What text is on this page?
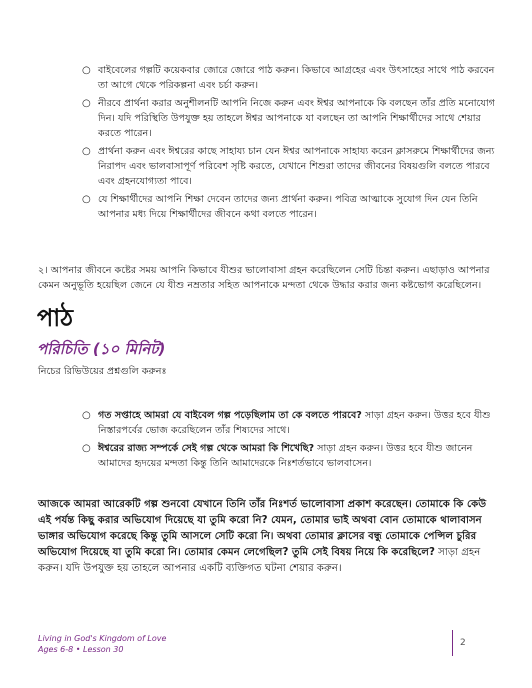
○ বাইবেলের গল্পটি কয়েকবার জোরে জোরে পাঠ করুন। কিভাবে আগ্রহের এবং উৎসাহের সাথে পাঠ করবেন তা আগে থেকে পরিকল্পনা এবং চর্চা করুন।
○ নীরবে প্রার্থনা করার অনুশীলনটি আপনি নিজে করুন এবং ঈশ্বর আপনাকে কি বলছেন তাঁর প্রতি মনোযোগ দিন। যদি পরিস্থিতি উপযুক্ত হয় তাহলে ঈশ্বর আপনাকে যা বলছেন তা আপনি শিক্ষার্থীদের সাথে শেয়ার করতে পারেন।
○ প্রার্থনা করুন এবং ঈশ্বরের কাছে সাহায্য চান যেন ঈশ্বর আপনাকে সাহায্য করেন ক্লাসরুমে শিক্ষার্থীদের জন্য নিরাপদ এবং ভালবাসাপূর্ণ পরিবেশ সৃষ্টি করতে, যেখানে শিশুরা তাদের জীবনের বিষয়গুলি বলতে পারবে এবং গ্রহনযোগ্যতা পাবে।
○ যে শিক্ষার্থীদের আপনি শিক্ষা দেবেন তাদের জন্য প্রার্থনা করুন। পবিত্র আত্মাকে সুযোগ দিন যেন তিনি আপনার মধ্য দিয়ে শিক্ষার্থীদের জীবনে কথা বলতে পারেন।

২। আপনার জীবনে কষ্টের সময় আপনি কিভাবে যীশুর ভালোবাসা গ্রহন করেছিলেন সেটি চিন্তা করুন। এছাড়াও আপনার কেমন অনুভূতি হয়েছিল জেনে যে যীশু নম্রতার সহিত আপনাকে মন্দতা থেকে উদ্ধার করার জন্য কষ্টভোগ করেছিলেন।

পাঠ
পরিচিতি (১০ মিনিট)

নিচের রিভিউয়ের প্রশ্নগুলি করুনঃ

○ গত সপ্তাহে আমরা যে বাইবেল গল্প পড়েছিলাম তা কে বলতে পারবে? সাড়া গ্রহন করুন। উত্তর হবে যীশু নিস্তারপর্বের ভোজ করেছিলেন তাঁর শিষ্যদের সাথে।
○ ঈশ্বরের রাজ্য সম্পর্কে সেই গল্প থেকে আমরা কি শিখেছি? সাড়া গ্রহন করুন। উত্তর হবে যীশু জানেন আমাদের হৃদয়ের মন্দতা কিন্তু তিনি আমাদেরকে নিঃশর্তভাবে ভালবাসেন।

আজকে আমরা আরেকটি গল্প শুনবো যেখানে তিনি তাঁর নিঃশর্ত ভালোবাসা প্রকাশ করেছেন। তোমাকে কি কেউ এই পর্যন্ত কিছু করার অভিযোগ দিয়েছে যা তুমি করো নি? যেমন, তোমার ভাই অথবা বোন তোমাকে থালাবাসন ভাঙ্গার অভিযোগ করেছে কিন্তু তুমি আসলে সেটি করো নি। অথবা তোমার ক্লাসের বন্ধু তোমাকে পেন্সিল চুরির অভিযোগ দিয়েছে যা তুমি করো নি। তোমার কেমন লেগেছিল? তুমি সেই বিষয় নিয়ে কি করেছিলে? সাড়া গ্রহন করুন। যদি উপযুক্ত হয় তাহলে আপনার একটি ব্যক্তিগত ঘটনা শেয়ার করুন।

Living in God's Kingdom of Love
Ages 6-8 • Lesson 30
2
